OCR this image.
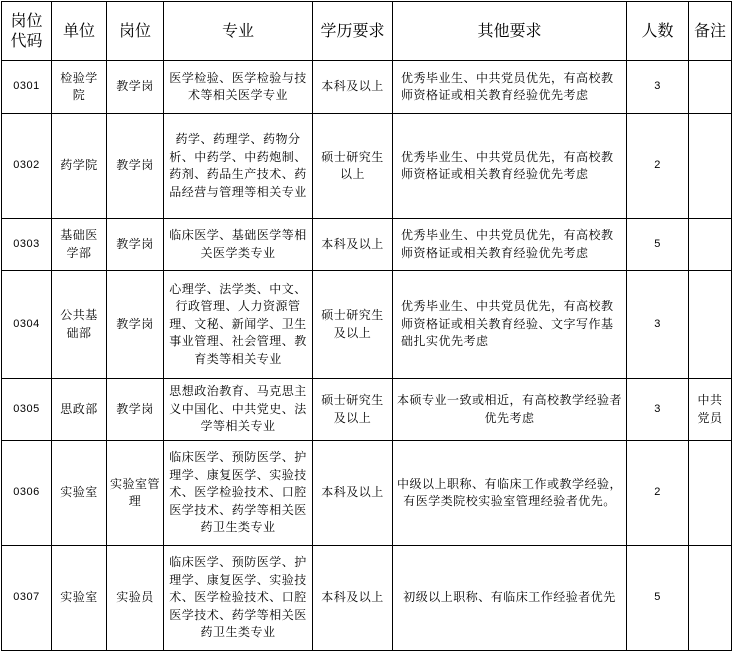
岗位代码	单位	岗位	专业	学历要求	其他要求	人数	备注
0301	检验学院	教学岗	医学检验、医学检验与技术等相关医学专业	本科及以上	优秀毕业生、中共党员优先，有高校教师资格证或相关教育经验优先考虑	3	
0302	药学院	教学岗	药学、药理学、药物分析、中药学、中药炮制、药剂、药品生产技术、药品经营与管理等相关专业	硕士研究生以上	优秀毕业生、中共党员优先，有高校教师资格证或相关教育经验优先考虑	2	
0303	基础医学部	教学岗	临床医学、基础医学等相关医学类专业	本科及以上	优秀毕业生、中共党员优先，有高校教师资格证或相关教育经验优先考虑	5	
0304	公共基础部	教学岗	心理学、法学类、中文、行政管理、人力资源管理、文秘、新闻学、卫生事业管理、社会管理、教育类等相关专业	硕士研究生及以上	优秀毕业生、中共党员优先，有高校教师资格证或相关教育经验、文字写作基础扎实优先考虑	3	
0305	思政部	教学岗	思想政治教育、马克思主义中国化、中共党史、法学等相关专业	硕士研究生及以上	本硕专业一致或相近，有高校教学经验者优先考虑	3	中共党员
0306	实验室	实验室管理	临床医学、预防医学、护理学、康复医学、实验技术、医学检验技术、口腔医学技术、药学等相关医药卫生类专业	本科及以上	中级以上职称、有临床工作或教学经验，有医学类院校实验室管理经验者优先。	2	
0307	实验室	实验员	临床医学、预防医学、护理学、康复医学、实验技术、医学检验技术、口腔医学技术、药学等相关医药卫生类专业	本科及以上	初级以上职称、有临床工作经验者优先	5	
